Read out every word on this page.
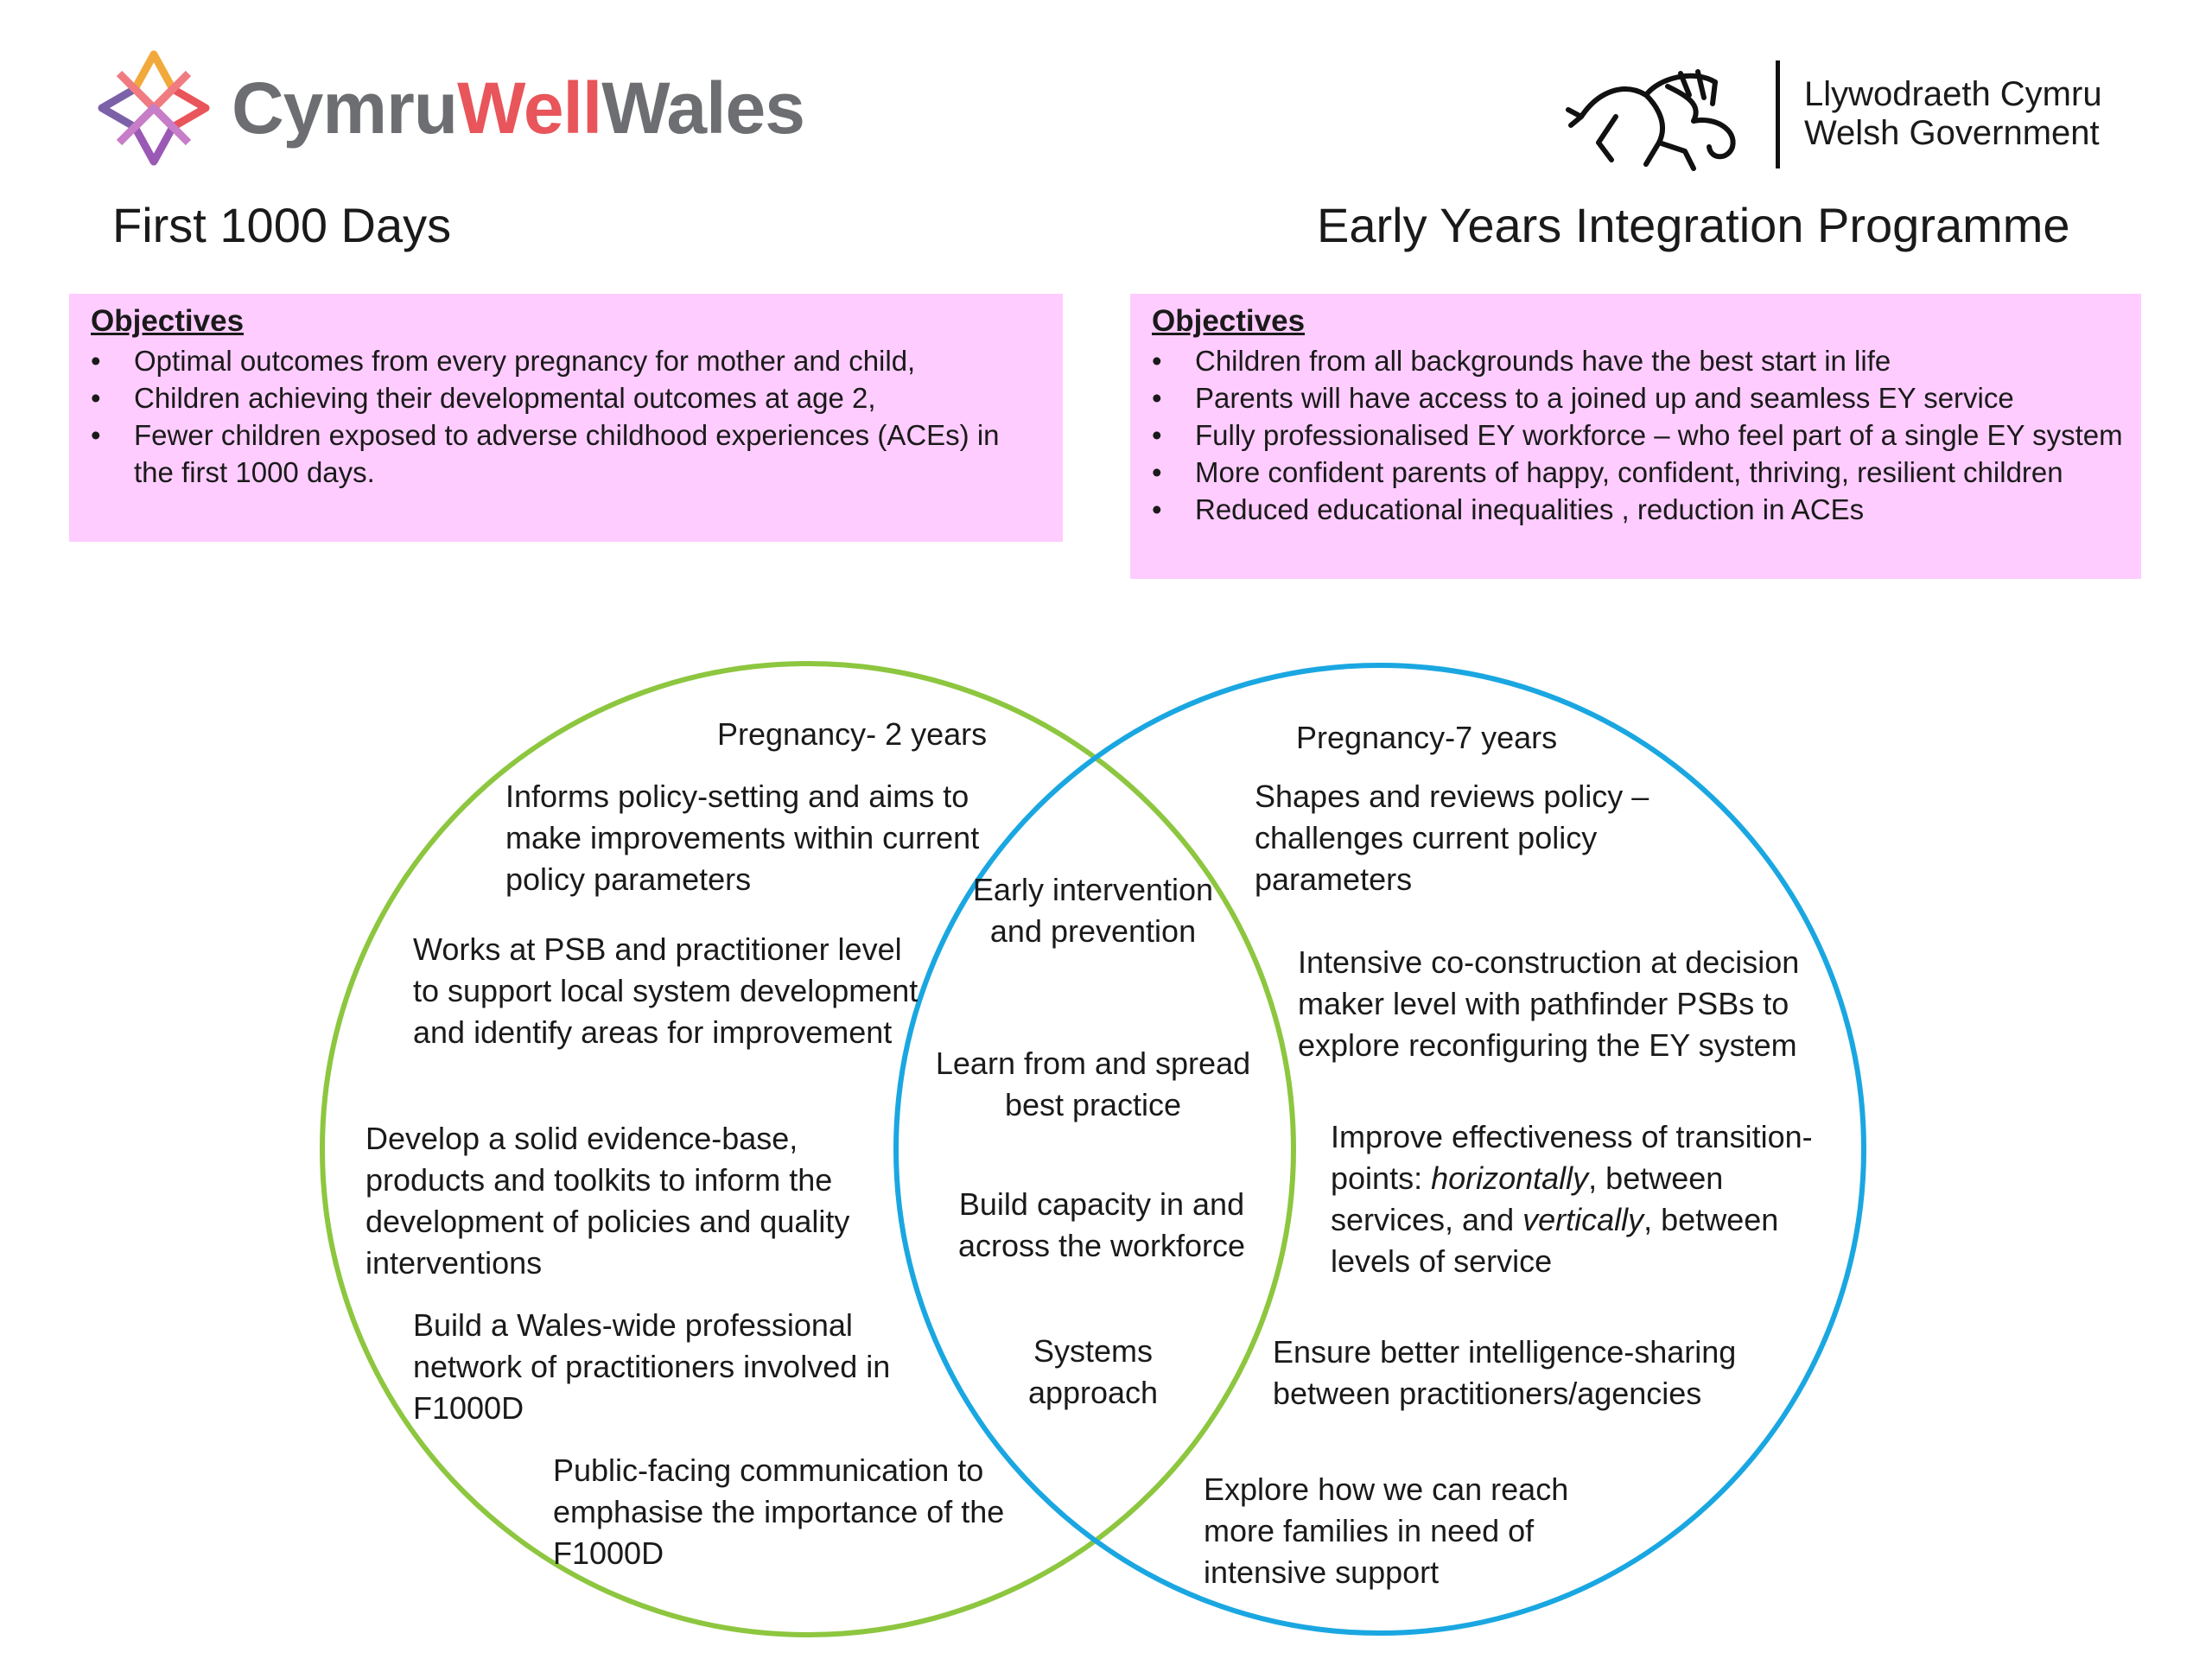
CymruWellWales	Llywodraeth Cymru
Welsh Government
First 1000 Days	Early Years Integration Programme
Objectives
• Optimal outcomes from every pregnancy for mother and child,
• Children achieving their developmental outcomes at age 2,
• Fewer children exposed to adverse childhood experiences (ACEs) in the first 1000 days.
Objectives
• Children from all backgrounds have the best start in life
• Parents will have access to a joined up and seamless EY service
• Fully professionalised EY workforce – who feel part of a single EY system
• More confident parents of happy, confident, thriving, resilient children
• Reduced educational inequalities , reduction in ACEs
Pregnancy- 2 years
Informs policy-setting and aims to make improvements within current policy parameters
Works at PSB and practitioner level to support local system development and identify areas for improvement
Develop a solid evidence-base, products and toolkits to inform the development of policies and quality interventions
Build a Wales-wide professional network of practitioners involved in F1000D
Public-facing communication to emphasise the importance of the F1000D
Early intervention and prevention
Learn from and spread best practice
Build capacity in and across the workforce
Systems approach
Pregnancy-7 years
Shapes and reviews policy – challenges current policy parameters
Intensive co-construction at decision maker level with pathfinder PSBs to explore reconfiguring the EY system
Improve effectiveness of transition-points: horizontally, between services, and vertically, between levels of service
Ensure better intelligence-sharing between practitioners/agencies
Explore how we can reach more families in need of intensive support
